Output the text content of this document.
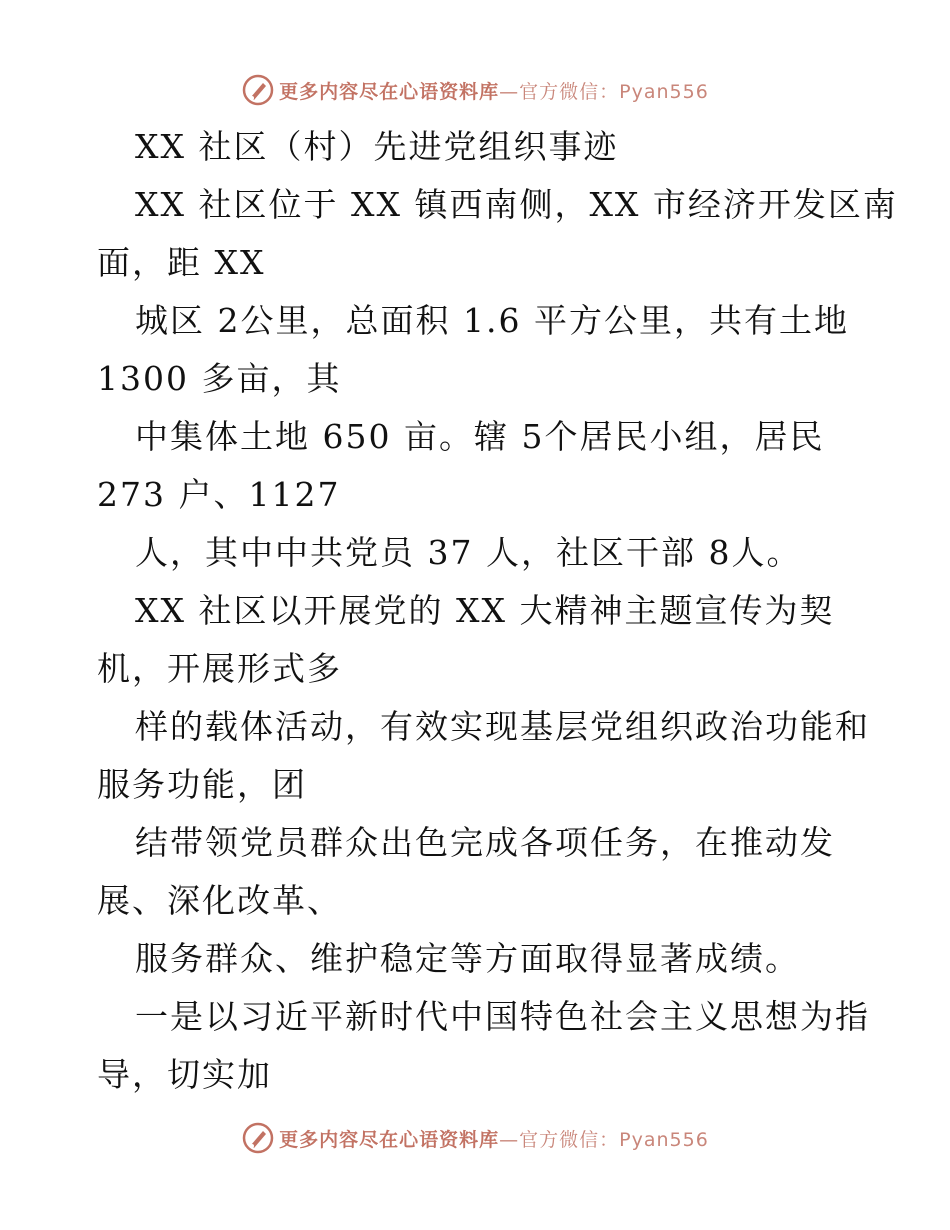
更多内容尽在心语资料库—官方微信：Pyan556
XX 社区（村）先进党组织事迹
XX 社区位于 XX 镇西南侧，XX 市经济开发区南
面，距 XX
城区 2公里，总面积 1.6 平方公里，共有土地
1300 多亩，其
中集体土地 650 亩。辖 5个居民小组，居民
273 户、1127
人，其中中共党员 37 人，社区干部 8人。
XX 社区以开展党的 XX 大精神主题宣传为契
机，开展形式多
样的载体活动，有效实现基层党组织政治功能和
服务功能，团
结带领党员群众出色完成各项任务，在推动发
展、深化改革、
服务群众、维护稳定等方面取得显著成绩。
一是以习近平新时代中国特色社会主义思想为指
导，切实加
更多内容尽在心语资料库—官方微信：Pyan556
